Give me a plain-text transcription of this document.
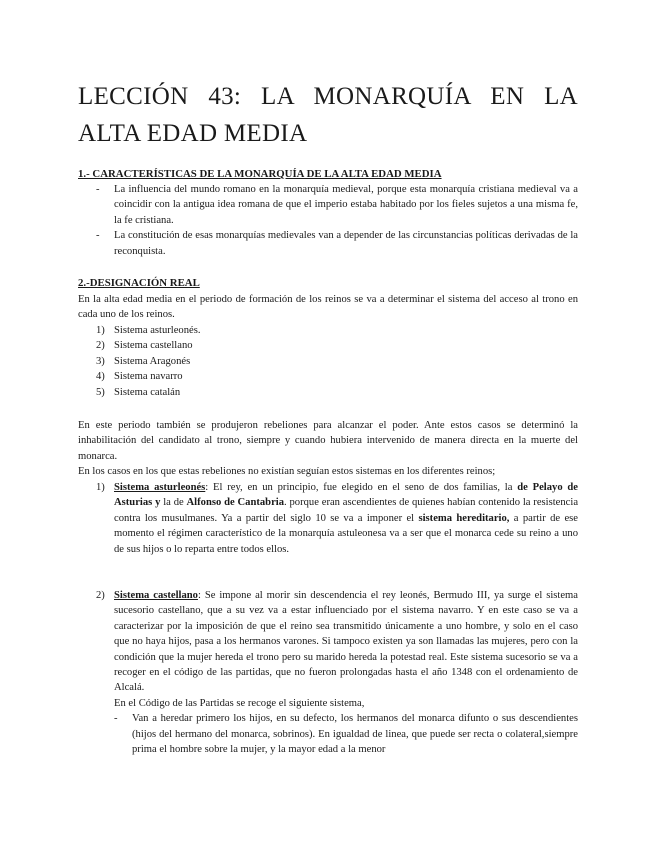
LECCIÓN 43: LA MONARQUÍA EN LA
ALTA EDAD MEDIA
1.- CARACTERÍSTICAS DE LA MONARQUÍA DE LA ALTA EDAD MEDIA
- La influencia del mundo romano en la monarquía medieval, porque esta monarquía cristiana medieval va a coincidir con la antigua idea romana de que el imperio estaba habitado por los fieles sujetos a una misma fe, la fe cristiana.
- La constitución de esas monarquías medievales van a depender de las circunstancias políticas derivadas de la reconquista.
2.-DESIGNACIÓN REAL

En la alta edad media en el periodo de formación de los reinos se va a determinar el sistema del acceso al trono en cada uno de los reinos.

1) Sistema asturleonés.
2) Sistema castellano
3) Sistema Aragonés
4) Sistema navarro
5) Sistema catalán

En este periodo también se produjeron rebeliones para alcanzar el poder. Ante estos casos se determinó la inhabilitación del candidato al trono, siempre y cuando hubiera intervenido de manera directa en la muerte del monarca.

En los casos en los que estas rebeliones no existían seguían estos sistemas en los diferentes reinos;

1) Sistema asturleonés: El rey, en un principio, fue elegido en el seno de dos familias, la de Pelayo de Asturias y la de Alfonso de Cantabria. porque eran ascendientes de quienes habían contenido la resistencia contra los musulmanes. Ya a partir del siglo 10 se va a imponer el sistema hereditario, a partir de ese momento el régimen característico de la monarquía astuleonesa va a ser que el monarca cede su reino a uno de sus hijos o lo reparta entre todos ellos.
2) Sistema castellano: Se impone al morir sin descendencia el rey leonés, Bermudo III, ya surge el sistema sucesorio castellano, que a su vez va a estar influenciado por el sistema navarro. Y en este caso se va a caracterizar por la imposición de que el reino sea transmitido únicamente a uno hombre, y solo en el caso que no haya hijos, pasa a los hermanos varones. Si tampoco existen ya son llamadas las mujeres, pero con la condición que la mujer hereda el trono pero su marido hereda la potestad real. Este sistema sucesorio se va a recoger en el código de las partidas, que no fueron prolongadas hasta el año 1348 con el ordenamiento de Alcalá.
En el Código de las Partidas se recoge el siguiente sistema,
- Van a heredar primero los hijos, en su defecto, los hermanos del monarca difunto o sus descendientes (hijos del hermano del monarca, sobrinos). En igualdad de linea, que puede ser recta o colateral,siempre prima el hombre sobre la mujer, y la mayor edad a la menor
